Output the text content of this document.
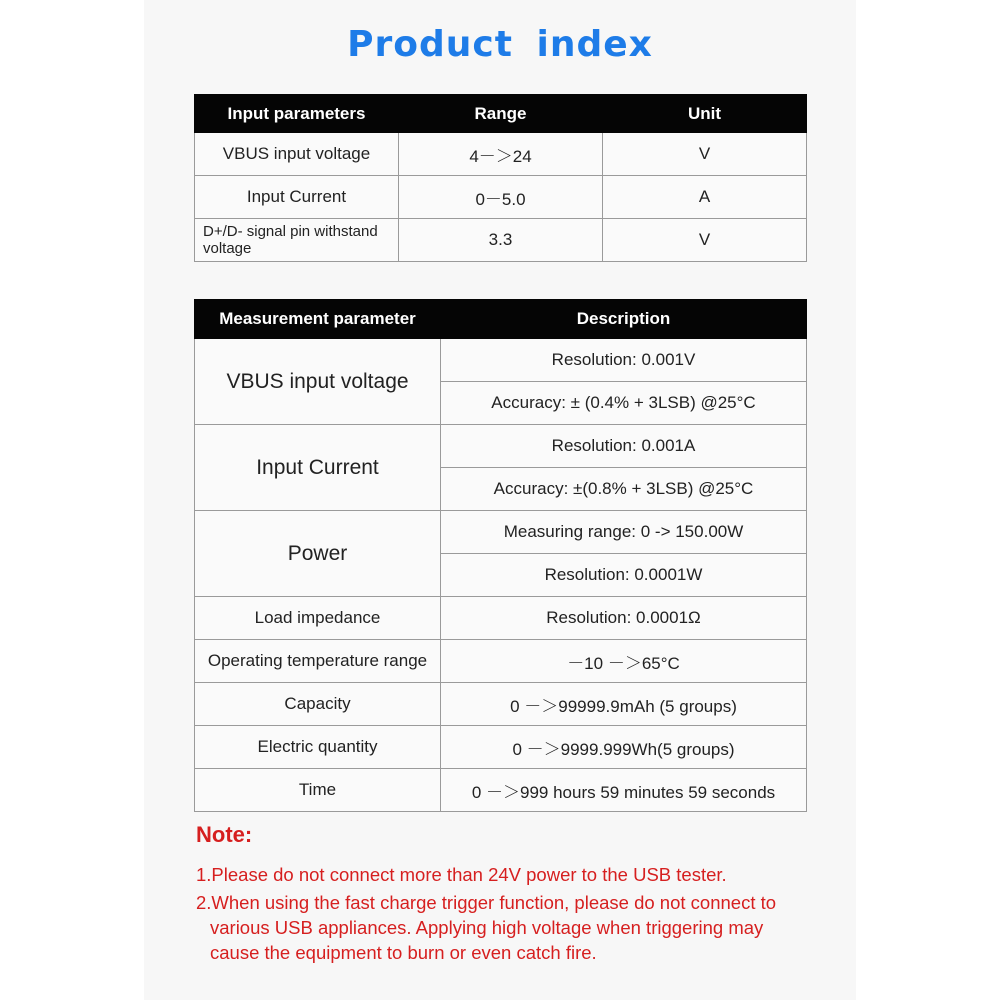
Product index
Input parameters	Range	Unit
VBUS input voltage	4－＞24	V
Input Current	0－5.0	A
D+/D- signal pin withstand voltage	3.3	V
Measurement parameter	Description
VBUS input voltage	Resolution: 0.001V
	Accuracy: ± (0.4% + 3LSB) @25°C
Input Current	Resolution: 0.001A
	Accuracy: ±(0.8% + 3LSB) @25°C
Power	Measuring range: 0 -> 150.00W
	Resolution: 0.0001W
Load impedance	Resolution: 0.0001Ω
Operating temperature range	－10 －＞65°C
Capacity	0 －＞99999.9mAh (5 groups)
Electric quantity	0 －＞9999.999Wh(5 groups)
Time	0 －＞999 hours 59 minutes 59 seconds
Note:
1.Please do not connect more than 24V power to the USB tester.
2.When using the fast charge trigger function, please do not connect to
various USB appliances. Applying high voltage when triggering may
cause the equipment to burn or even catch fire.
